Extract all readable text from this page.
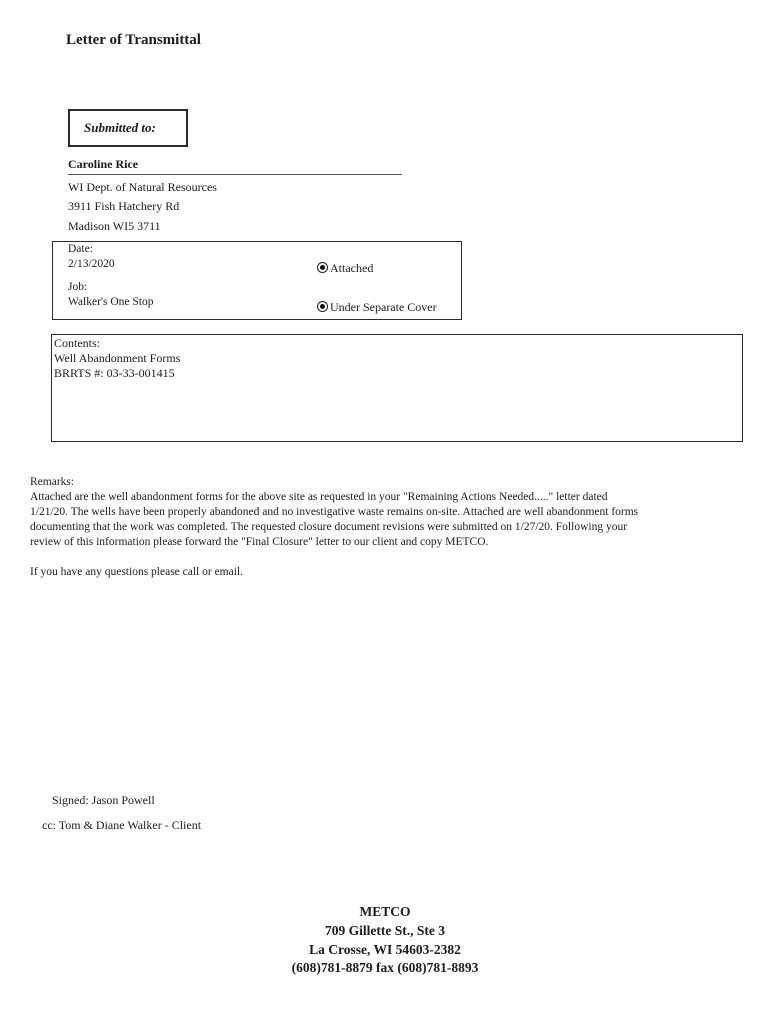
Letter of Transmittal
Submitted to:
Caroline Rice
WI Dept. of Natural Resources
3911 Fish Hatchery Rd
Madison WI5 3711
Date:
2/13/2020
Job:
Walker's One Stop
Attached
Under Separate Cover
Contents:
Well Abandonment Forms
BRRTS #: 03-33-001415
Remarks:
Attached are the well abandonment forms for the above site as requested in your "Remaining Actions Needed....." letter dated
1/21/20. The wells have been properly abandoned and no investigative waste remains on-site. Attached are well abandonment forms
documenting that the work was completed. The requested closure document revisions were submitted on 1/27/20. Following your
review of this information please forward the "Final Closure" letter to our client and copy METCO.
If you have any questions please call or email.
Signed: Jason Powell
cc: Tom & Diane Walker - Client
METCO
709 Gillette St., Ste 3
La Crosse, WI 54603-2382
(608)781-8879 fax (608)781-8893
